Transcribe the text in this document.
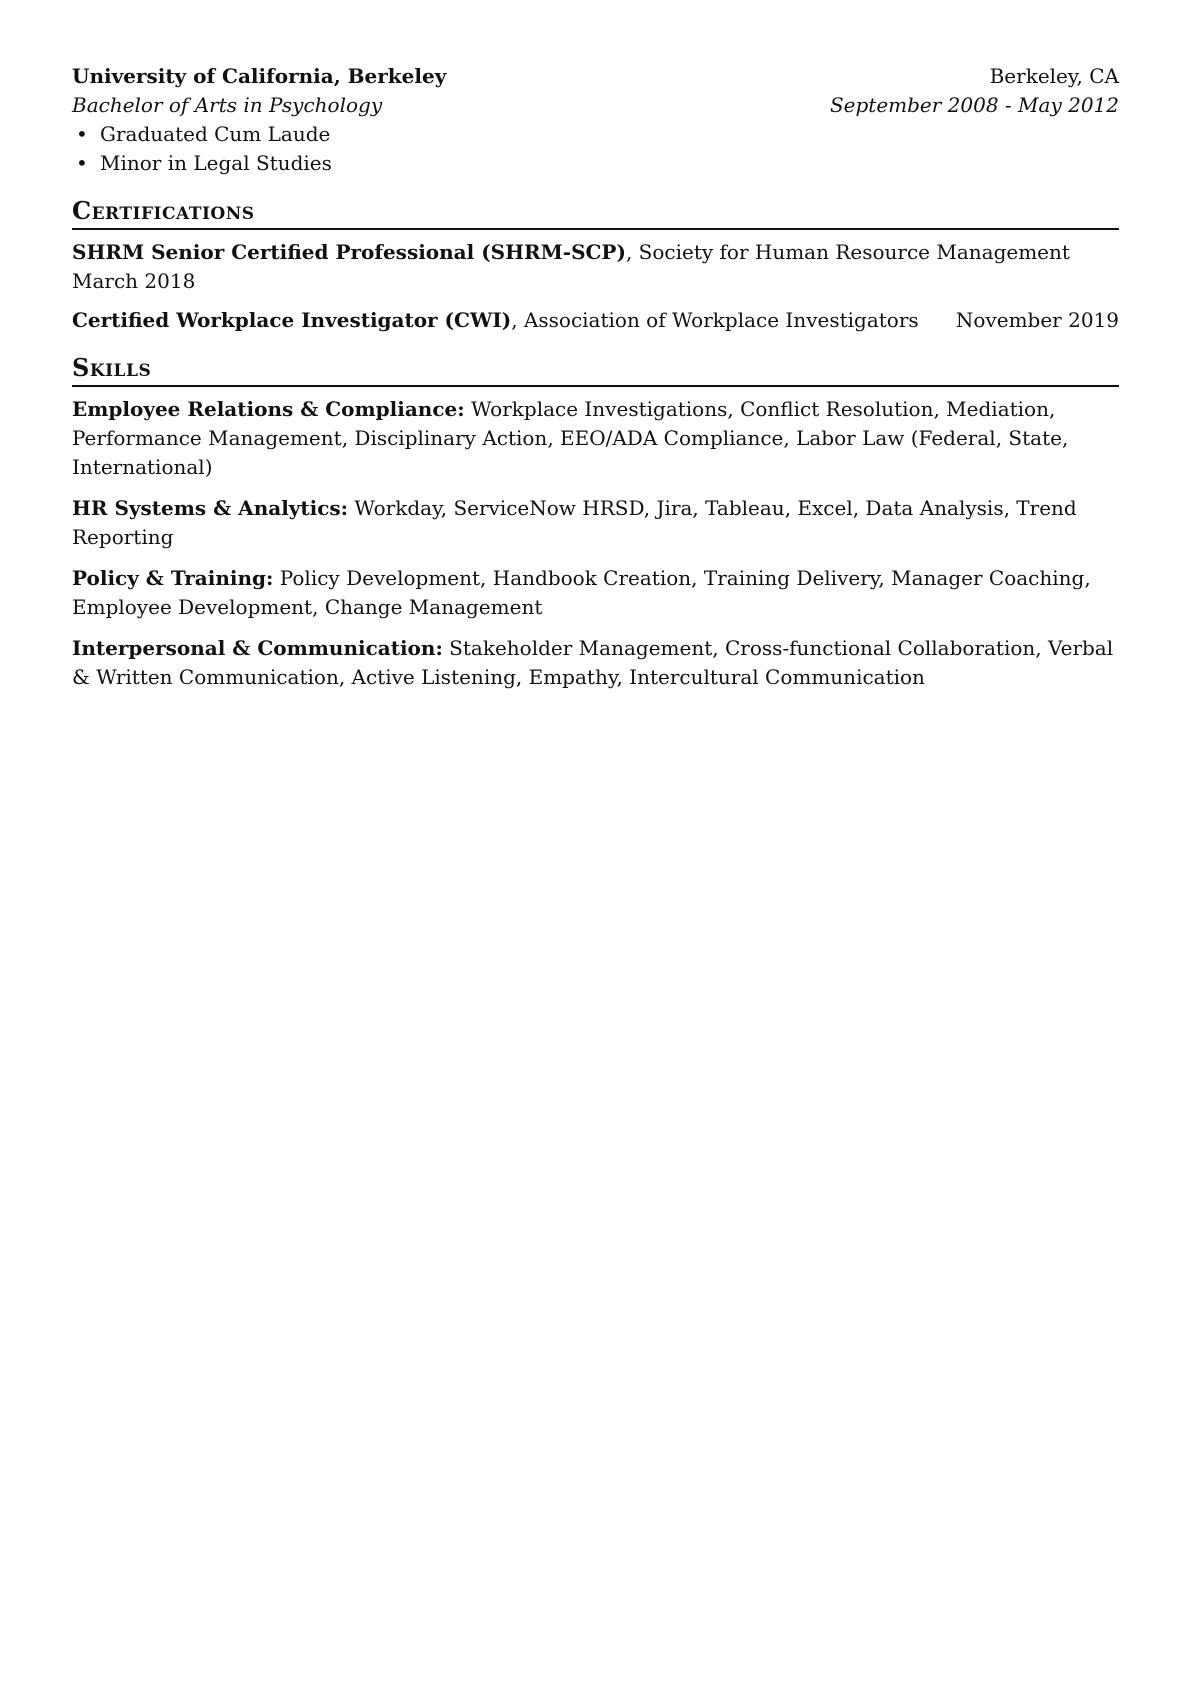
University of California, Berkeley	Berkeley, CA
Bachelor of Arts in Psychology	September 2008 - May 2012
• Graduated Cum Laude
• Minor in Legal Studies
Certifications
SHRM Senior Certified Professional (SHRM-SCP), Society for Human Resource ManagementMarch 2018
Certified Workplace Investigator (CWI), Association of Workplace Investigators November 2019
Skills
Employee Relations & Compliance: Workplace Investigations, Conflict Resolution, Mediation, Performance Management, Disciplinary Action, EEO/ADA Compliance, Labor Law (Federal, State, International)
HR Systems & Analytics: Workday, ServiceNow HRSD, Jira, Tableau, Excel, Data Analysis, Trend Reporting
Policy & Training: Policy Development, Handbook Creation, Training Delivery, Manager Coaching, Employee Development, Change Management
Interpersonal & Communication: Stakeholder Management, Cross-functional Collaboration, Verbal & Written Communication, Active Listening, Empathy, Intercultural Communication
